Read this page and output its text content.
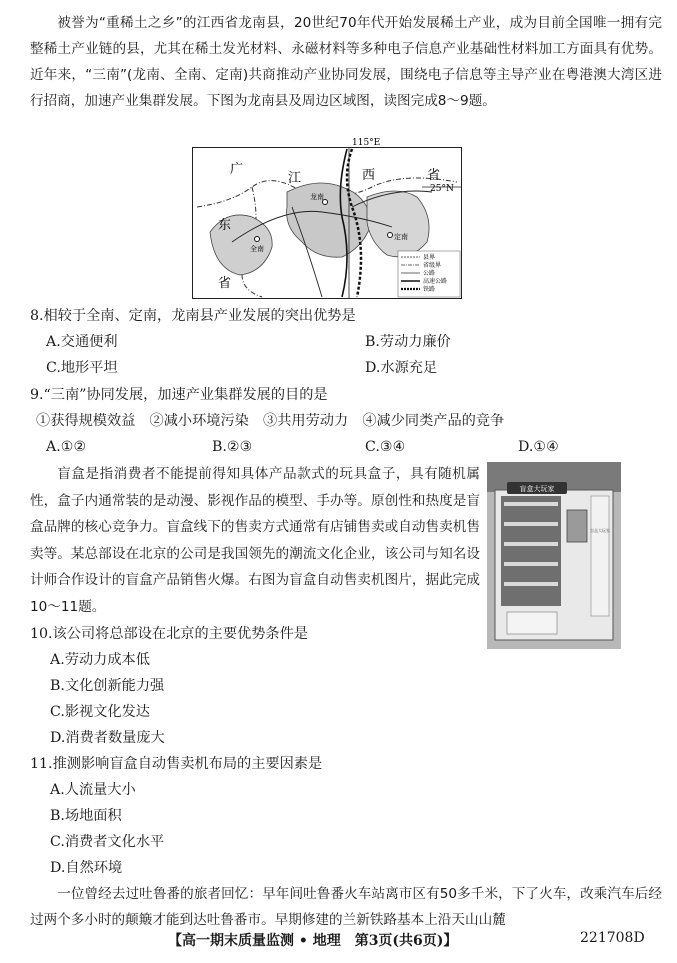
被誉为“重稀土之乡”的江西省龙南县，20世纪70年代开始发展稀土产业，成为目前全国唯一拥有完整稀土产业链的县，尤其在稀土发光材料、永磁材料等多种电子信息产业基础性材料加工方面具有优势。近年来，“三南”(龙南、全南、定南)共商推动产业协同发展，围绕电子信息等主导产业在粤港澳大湾区进行招商，加速产业集群发展。下图为龙南县及周边区域图，读图完成8～9题。
115°E
25°N
广
江	西	省
东
省
龙南
全南
定南
县界
省级界
公路
高速公路
铁路
8.相较于全南、定南，龙南县产业发展的突出优势是
A.交通便利	B.劳动力廉价
C.地形平坦	D.水源充足
9.“三南”协同发展，加速产业集群发展的目的是
①获得规模效益　②减小环境污染　③共用劳动力　④减少同类产品的竞争
A.①②	B.②③	C.③④	D.①④
盲盒是指消费者不能提前得知具体产品款式的玩具盒子，具有随机属性，盒子内通常装的是动漫、影视作品的模型、手办等。原创性和热度是盲盒品牌的核心竞争力。盲盒线下的售卖方式通常有店铺售卖或自动售卖机售卖等。某总部设在北京的公司是我国领先的潮流文化企业，该公司与知名设计师合作设计的盲盒产品销售火爆。右图为盲盒自动售卖机图片，据此完成10～11题。
盲盒大玩家
盲盒大玩家
10.该公司将总部设在北京的主要优势条件是
A.劳动力成本低
B.文化创新能力强
C.影视文化发达
D.消费者数量庞大
11.推测影响盲盒自动售卖机布局的主要因素是
A.人流量大小
B.场地面积
C.消费者文化水平
D.自然环境
一位曾经去过吐鲁番的旅者回忆：早年间吐鲁番火车站离市区有50多千米，下了火车，改乘汽车后经过两个多小时的颠簸才能到达吐鲁番市。早期修建的兰新铁路基本上沿天山山麓
【高一期末质量监测 • 地理　第3页(共6页)】	221708D
